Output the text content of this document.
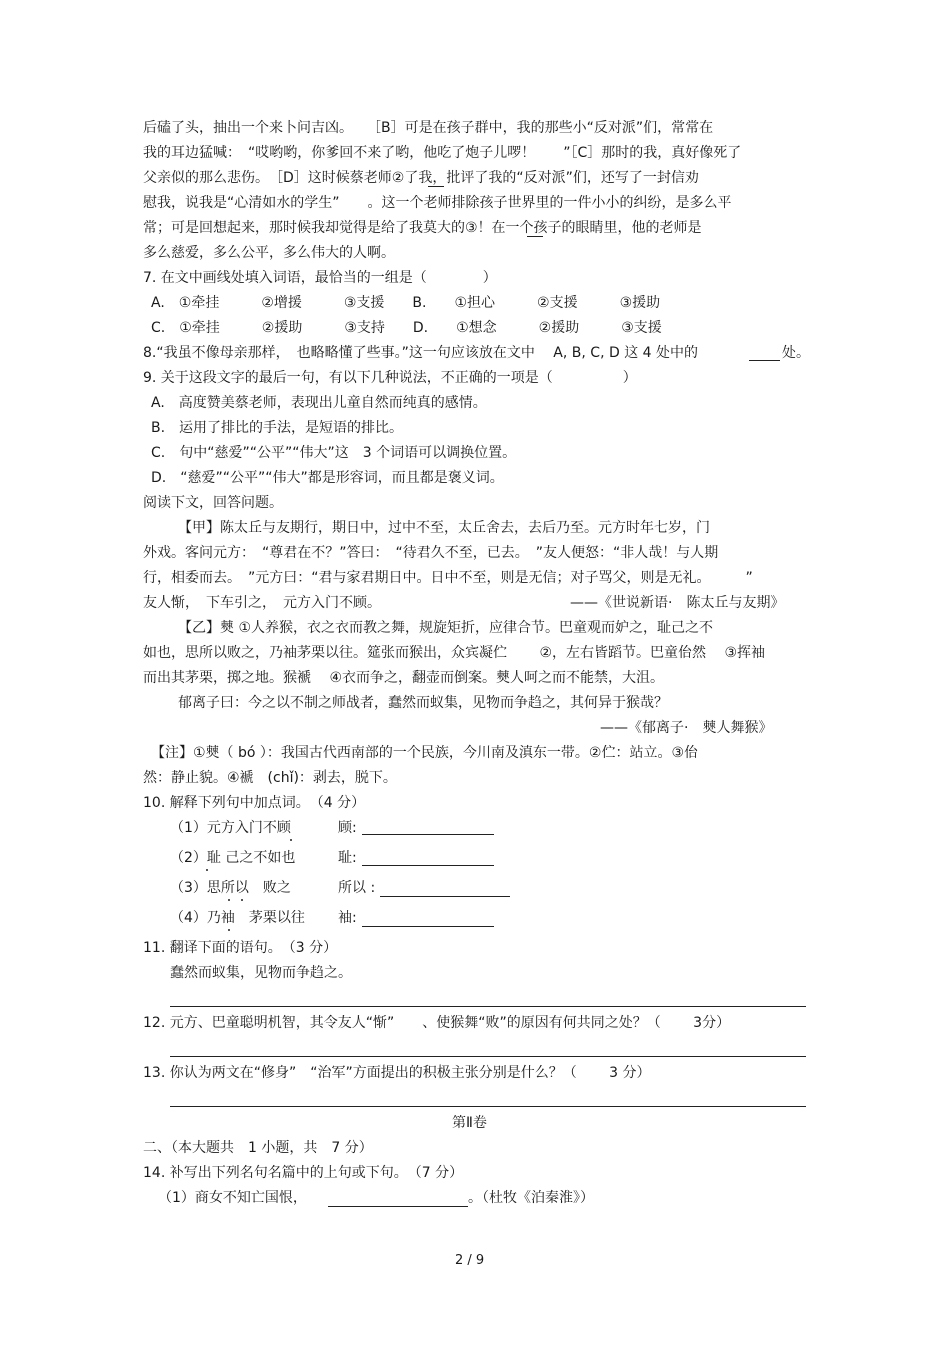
后磕了头，抽出一个来卜问吉凶。　　［B］可是在孩子群中，我的那些小“反对派”们，常常在
我的耳边猛喊：　“哎哟哟，你爹回不来了哟，他吃了炮子儿啰！　　”［C］那时的我，真好像死了
父亲似的那么悲伤。　［D］这时候蔡老师②了我，批评了我的“反对派”们，还写了一封信劝
慰我，说我是“心清如水的学生”　　。这一个老师排除孩子世界里的一件小小的纠纷，是多么平
常；可是回想起来，那时候我却觉得是给了我莫大的③！在一个孩子的眼睛里，他的老师是
多么慈爱，多么公平，多么伟大的人啊。
7. 在文中画线处填入词语，最恰当的一组是（　　　　）
A.　①牵挂　　　②增援　　　③支援　　B.　　①担心　　　②支援　　　③援助
C.　①牵挂　　　②援助　　　③支持　　D.　　①想念　　　②援助　　　③支援
8.“我虽不像母亲那样，　也略略懂了些事。”这一句应该放在文中　 A, B, C, D 这 4 处中的	处。
9. 关于这段文字的最后一句，有以下几种说法，不正确的一项是（　　　　　）
A.　高度赞美蔡老师，表现出儿童自然而纯真的感情。
B.　运用了排比的手法，是短语的排比。
C.　句中“慈爱”“公平”“伟大”这　3 个词语可以调换位置。
D.　“慈爱”“公平”“伟大”都是形容词，而且都是褒义词。
阅读下文，回答问题。
【甲】陈太丘与友期行，期日中，过中不至，太丘舍去，去后乃至。元方时年七岁，门
外戏。客问元方：　“尊君在不？”答曰：　“待君久不至，已去。　”友人便怒：“非人哉！与人期
行，相委而去。　”元方曰：“君与家君期日中。日中不至，则是无信；对子骂父，则是无礼。　　　”
友人惭，　下车引之，　元方入门不顾。	——《世说新语·　陈太丘与友期》
【乙】僰 ①人养猴，衣之衣而教之舞，规旋矩折，应律合节。巴童观而妒之，耻己之不
如也，思所以败之，乃袖茅栗以往。筵张而猴出，众宾凝伫　　 ②，左右皆蹈节。巴童佁然　 ③挥袖
而出其茅栗，掷之地。猴褫　 ④衣而争之，翻壶而倒案。僰人呵之而不能禁，大沮。
郁离子曰：今之以不制之师战者，蠢然而蚁集，见物而争趋之，其何异于猴哉？
——《郁离子·　僰人舞猴》
【注】①僰（ bó ）：我国古代西南部的一个民族，今川南及滇东一带。②伫：站立。③佁
然：静止貌。④褫　(chǐ)：剥去，脱下。
10. 解释下列句中加点词。　（4 分）
（1）元方入门不顾	顾:
（2）耻 己之不如也	耻:
（3）思所以　败之	所以 :
（4）乃袖　茅栗以往 袖:
11. 翻译下面的语句。　（3 分）
蠢然而蚁集，见物而争趋之。
12. 元方、巴童聪明机智，其令友人“惭”　　、使猴舞“败”的原因有何共同之处？（　　 3分）
13. 你认为两文在“修身”　“治军”方面提出的积极主张分别是什么？（　　 3 分）
第Ⅱ卷
二、（本大题共　1 小题，共　7 分）
14. 补写出下列名句名篇中的上句或下句。　（7 分）
（1）商女不知亡国恨，	。（杜牧《泊秦淮》）
2 / 9
